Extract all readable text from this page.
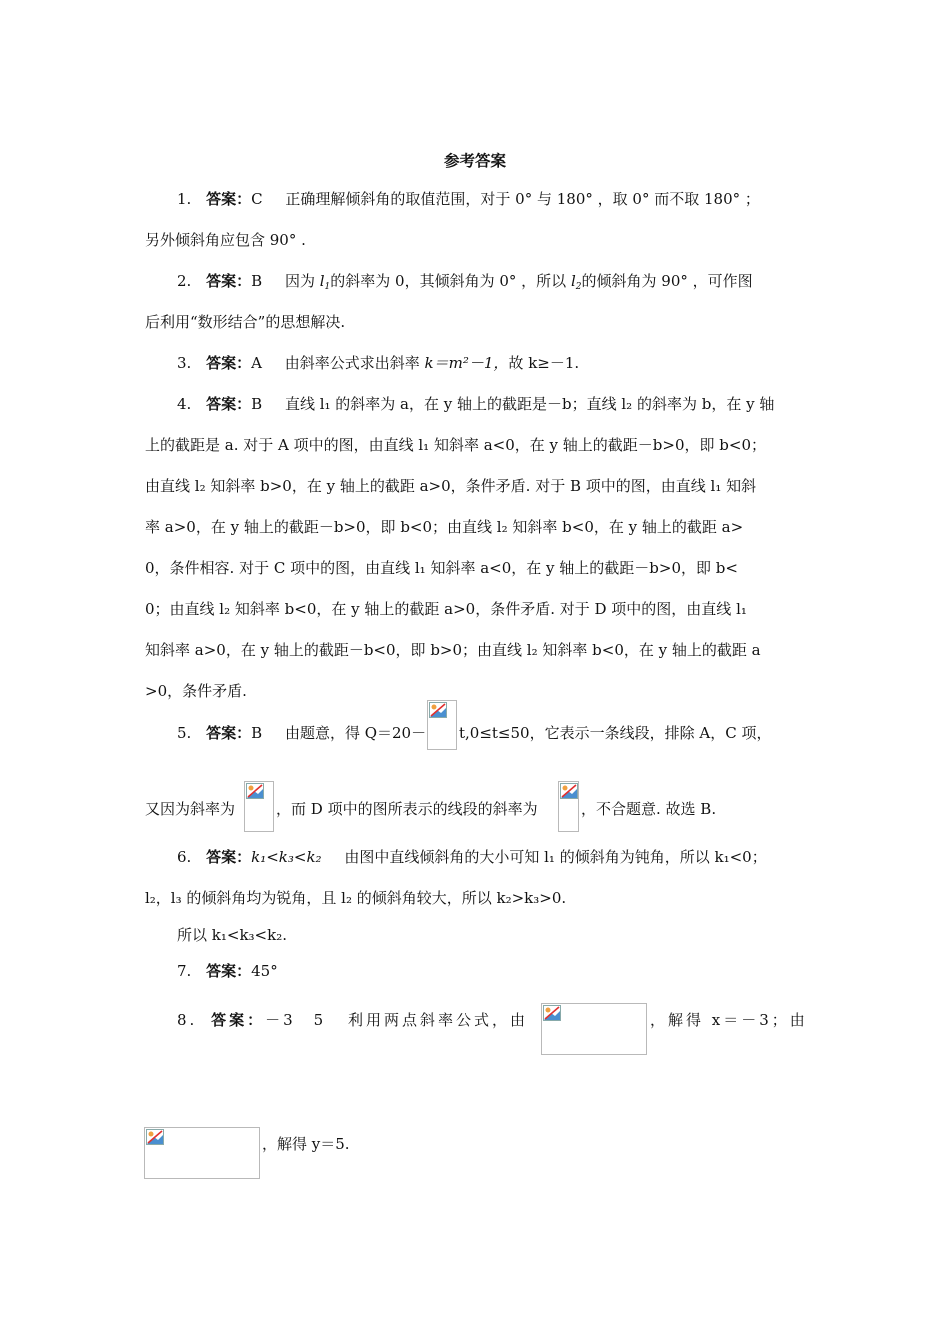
参考答案
1. 答案：C 正确理解倾斜角的取值范围，对于 0° 与 180° ，取 0° 而不取 180° ；
另外倾斜角应包含 90° .
2. 答案：B 因为 $l_1$的斜率为 0，其倾斜角为 0° ，所以 $l_2$的倾斜角为 90° ，可作图
后利用“数形结合”的思想解决.
3. 答案：A 由斜率公式求出斜率 k＝m²－1，故 k≥－1.
4. 答案：B 直线 l₁ 的斜率为 a，在 y 轴上的截距是－b；直线 l₂ 的斜率为 b，在 y 轴
上的截距是 a. 对于 A 项中的图，由直线 l₁ 知斜率 a<0，在 y 轴上的截距－b>0，即 b<0；
由直线 l₂ 知斜率 b>0，在 y 轴上的截距 a>0，条件矛盾. 对于 B 项中的图，由直线 l₁ 知斜
率 a>0，在 y 轴上的截距－b>0，即 b<0；由直线 l₂ 知斜率 b<0，在 y 轴上的截距 a>
0，条件相容. 对于 C 项中的图，由直线 l₁ 知斜率 a<0，在 y 轴上的截距－b>0，即 b<
0；由直线 l₂ 知斜率 b<0，在 y 轴上的截距 a>0，条件矛盾. 对于 D 项中的图，由直线 l₁
知斜率 a>0，在 y 轴上的截距－b<0，即 b>0；由直线 l₂ 知斜率 b<0，在 y 轴上的截距 a
>0，条件矛盾.
5. 答案：B 由题意，得 Q＝20－ t,0≤t≤50，它表示一条线段，排除 A，C 项，
又因为斜率为	，而 D 项中的图所表示的线段的斜率为	，不合题意. 故选 B.
6. 答案：k₁<k₃<k₂ 由图中直线倾斜角的大小可知 l₁ 的倾斜角为钝角，所以 k₁<0；
l₂，l₃ 的倾斜角均为锐角，且 l₂ 的倾斜角较大，所以 k₂>k₃>0.
所以 k₁<k₃<k₂.
7. 答案：45°
8. 答案：－3　5 利用两点斜率公式，由	，解得 x＝－3；由
，解得 y＝5.
